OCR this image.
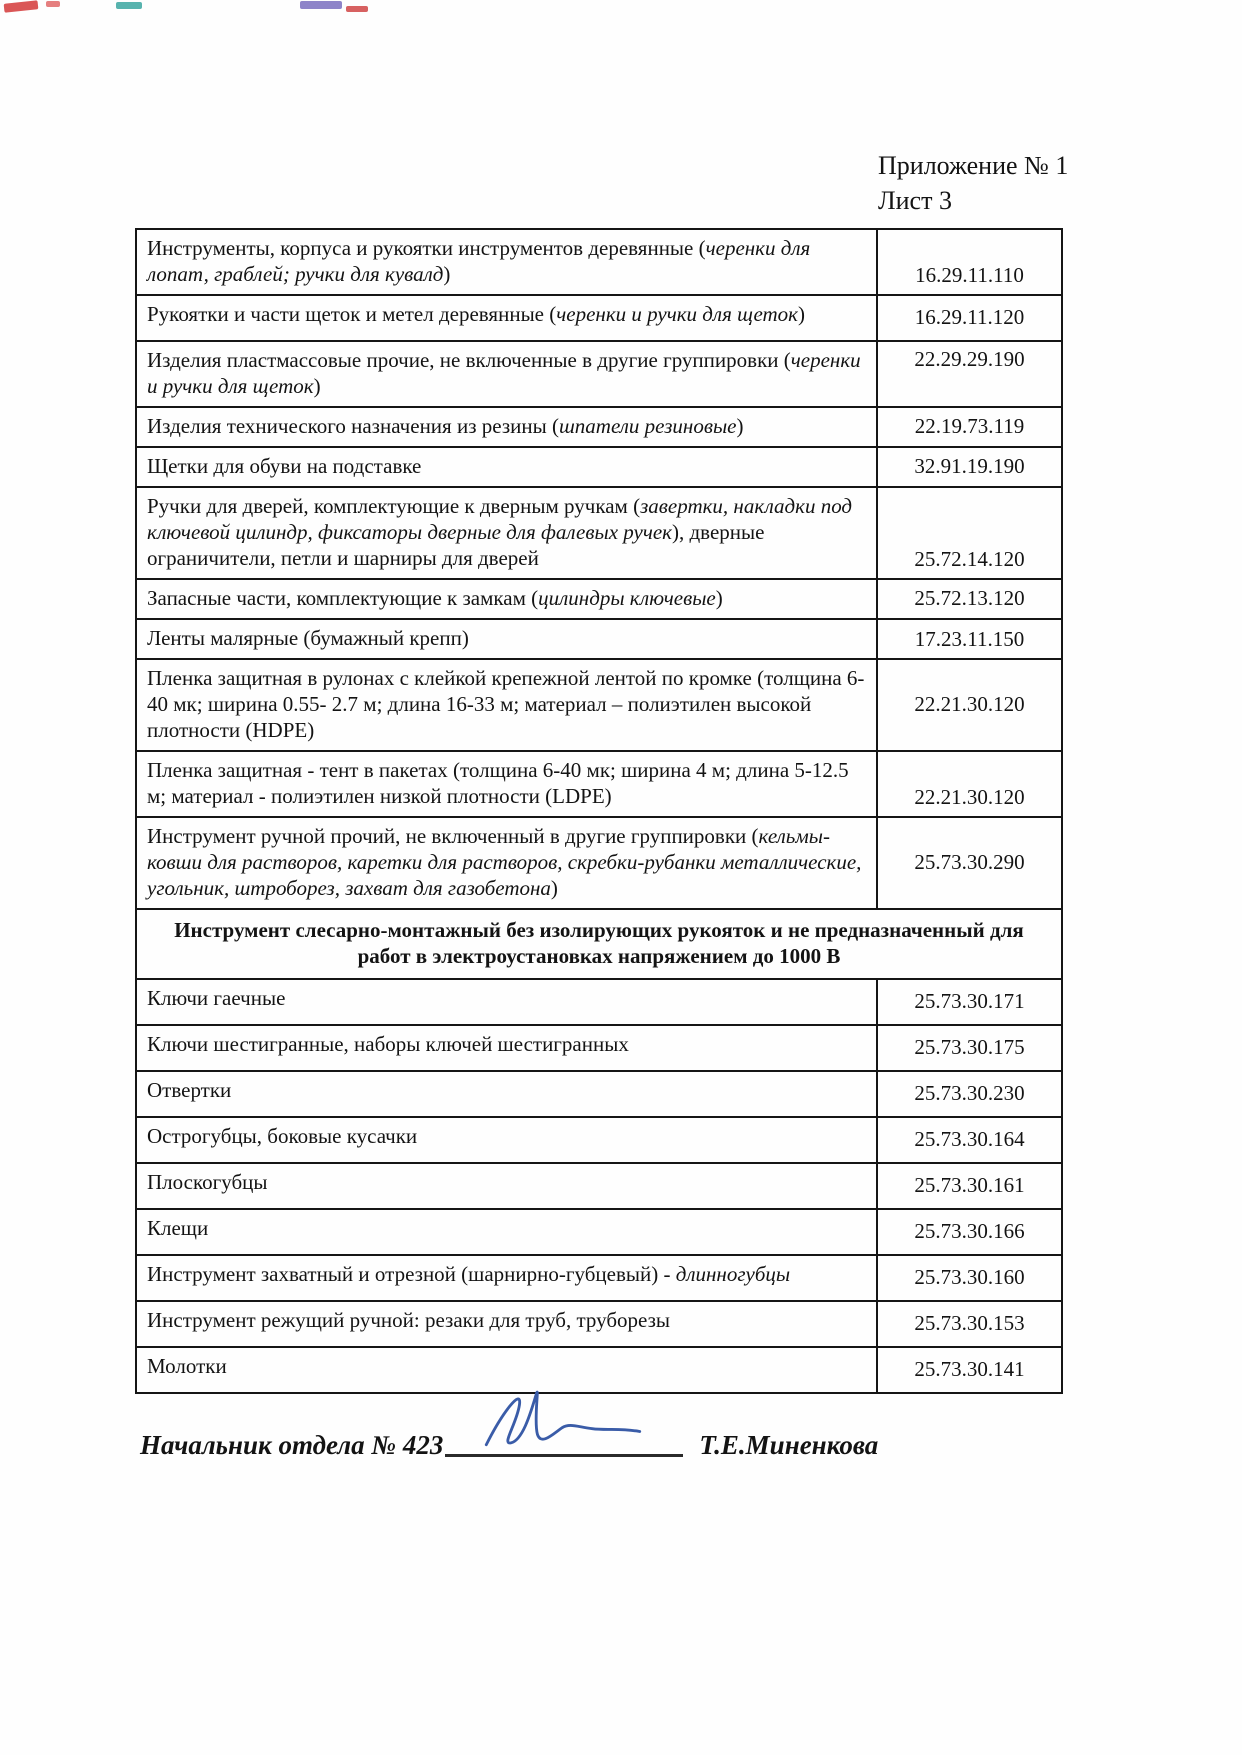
Приложение № 1
Лист 3
Инструменты, корпуса и рукоятки инструментов деревянные (черенки для лопат, граблей; ручки для кувалд)	16.29.11.110
Рукоятки и части щеток и метел деревянные (черенки и ручки для щеток)	16.29.11.120
Изделия пластмассовые прочие, не включенные в другие группировки (черенки и ручки для щеток)	22.29.29.190
Изделия технического назначения из резины (шпатели резиновые)	22.19.73.119
Щетки для обуви на подставке	32.91.19.190
Ручки для дверей, комплектующие к дверным ручкам (завертки, накладки под ключевой цилиндр, фиксаторы дверные для фалевых ручек), дверные ограничители, петли и шарниры для дверей	25.72.14.120
Запасные части, комплектующие к замкам (цилиндры ключевые)	25.72.13.120
Ленты малярные (бумажный крепп)	17.23.11.150
Пленка защитная в рулонах с клейкой крепежной лентой по кромке (толщина 6-40 мк; ширина 0.55- 2.7 м; длина 16-33 м; материал – полиэтилен высокой плотности (HDPE)	22.21.30.120
Пленка защитная - тент в пакетах (толщина 6-40 мк; ширина 4 м; длина 5-12.5 м; материал - полиэтилен низкой плотности (LDPE)	22.21.30.120
Инструмент ручной прочий, не включенный в другие группировки (кельмы-ковши для растворов, каретки для растворов, скребки-рубанки металлические, угольник, штроборез, захват для газобетона)	25.73.30.290
Инструмент слесарно-монтажный без изолирующих рукояток и не предназначенный для работ в электроустановках напряжением до 1000 В	
Ключи гаечные	25.73.30.171
Ключи шестигранные, наборы ключей шестигранных	25.73.30.175
Отвертки	25.73.30.230
Острогубцы, боковые кусачки	25.73.30.164
Плоскогубцы	25.73.30.161
Клещи	25.73.30.166
Инструмент захватный и отрезной (шарнирно-губцевый) - длинногубцы	25.73.30.160
Инструмент режущий ручной: резаки для труб, труборезы	25.73.30.153
Молотки	25.73.30.141
Начальник отдела № 423	Т.Е.Миненкова
